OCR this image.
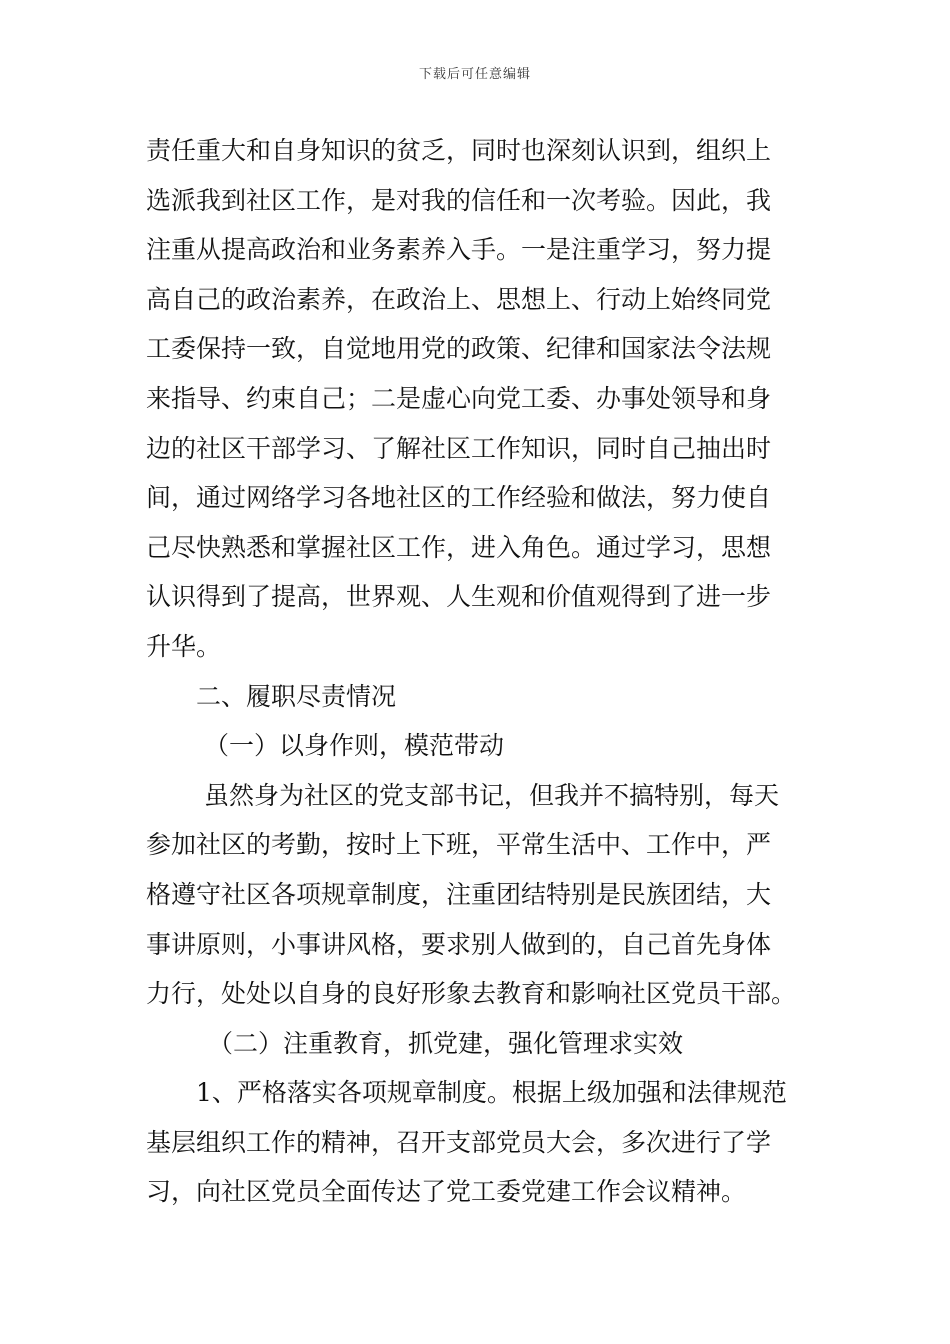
下载后可任意编辑
责任重大和自身知识的贫乏，同时也深刻认识到，组织上
选派我到社区工作，是对我的信任和一次考验。因此，我
注重从提高政治和业务素养入手。一是注重学习，努力提
高自己的政治素养，在政治上、思想上、行动上始终同党
工委保持一致，自觉地用党的政策、纪律和国家法令法规
来指导、约束自己；二是虚心向党工委、办事处领导和身
边的社区干部学习、了解社区工作知识，同时自己抽出时
间，通过网络学习各地社区的工作经验和做法，努力使自
己尽快熟悉和掌握社区工作，进入角色。通过学习，思想
认识得到了提高，世界观、人生观和价值观得到了进一步
升华。
二、履职尽责情况
（一）以身作则，模范带动
虽然身为社区的党支部书记，但我并不搞特别，每天
参加社区的考勤，按时上下班，平常生活中、工作中，严
格遵守社区各项规章制度，注重团结特别是民族团结，大
事讲原则，小事讲风格，要求别人做到的，自己首先身体
力行，处处以自身的良好形象去教育和影响社区党员干部。
（二）注重教育，抓党建，强化管理求实效
1、严格落实各项规章制度。根据上级加强和法律规范
基层组织工作的精神，召开支部党员大会，多次进行了学
习，向社区党员全面传达了党工委党建工作会议精神。
